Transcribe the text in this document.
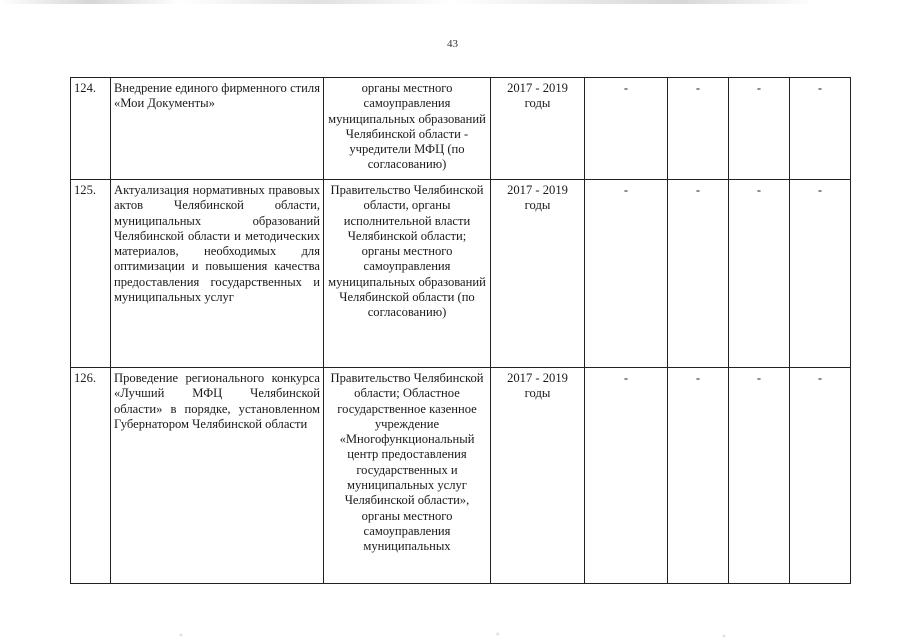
43
124.	Внедрение единого фирменного стиля «Мои Документы»	органы местного самоуправления муниципальных образований Челябинской области - учредители МФЦ (по согласованию)	2017 - 2019 годы	-	-	-	-
125.	Актуализация нормативных правовых актов Челябинской области, муниципальных образований Челябинской области и методических материалов, необходимых для оптимизации и повышения качества предоставления государственных и муниципальных услуг	Правительство Челябинской области, органы исполнительной власти Челябинской области; органы местного самоуправления муниципальных образований Челябинской области (по согласованию)	2017 - 2019 годы	-	-	-	-
126.	Проведение регионального конкурса «Лучший МФЦ Челябинской области» в порядке, установленном Губернатором Челябинской области	Правительство Челябинской области; Областное государственное казенное учреждение «Многофункциональный центр предоставления государственных и муниципальных услуг Челябинской области», органы местного самоуправления муниципальных	2017 - 2019 годы	-	-	-	-
